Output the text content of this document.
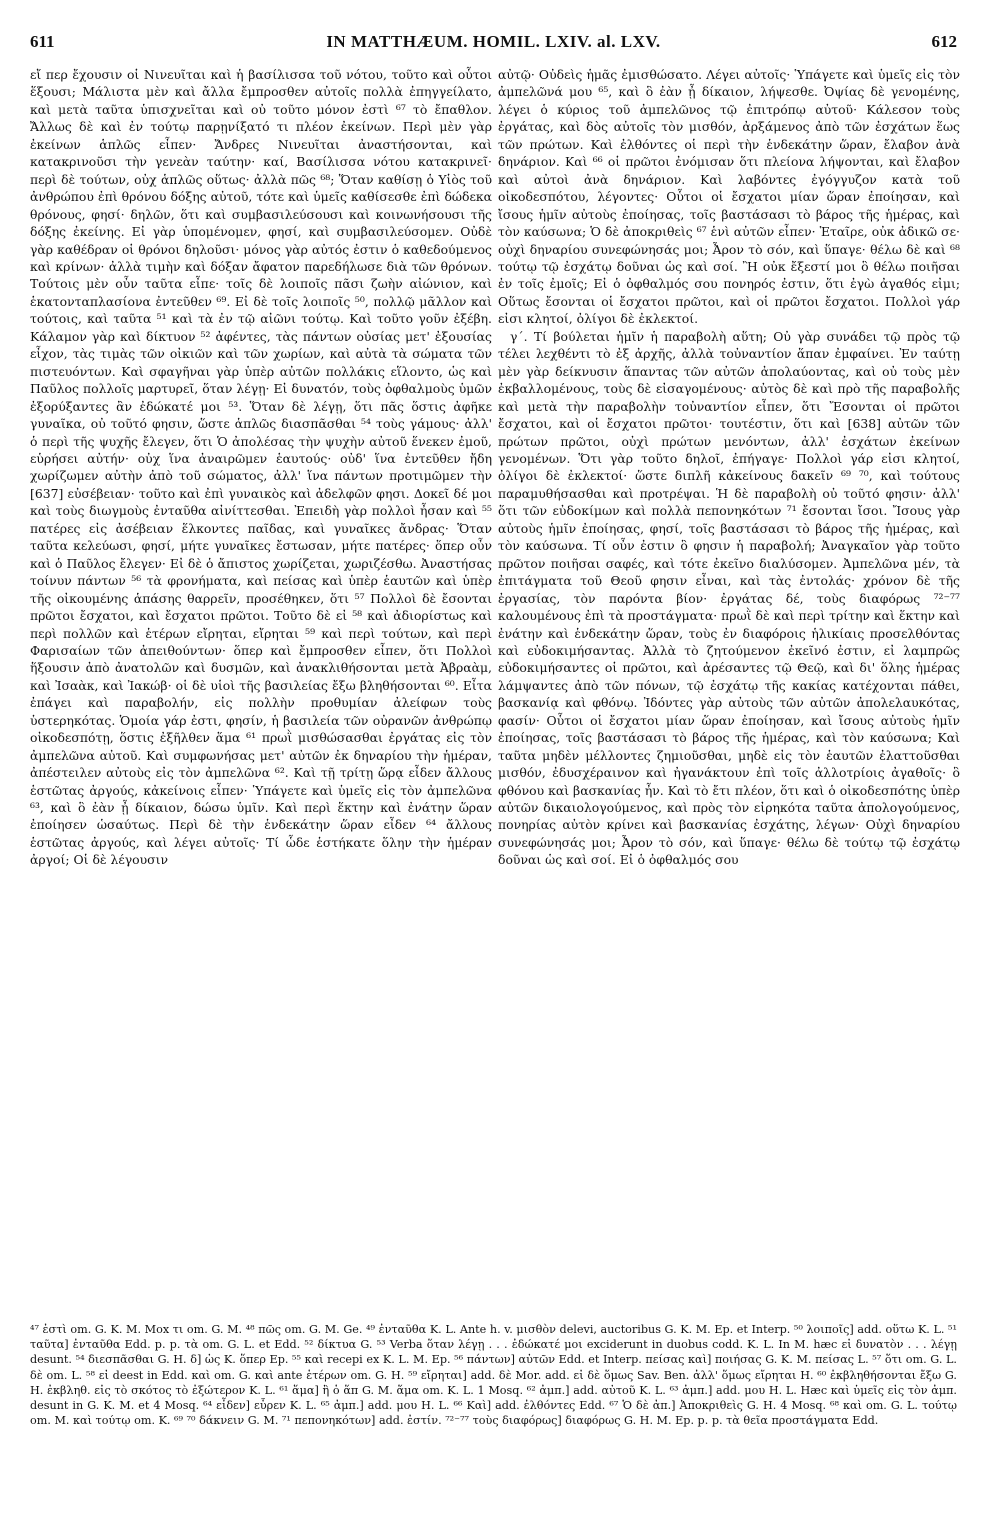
611	IN MATTHÆUM. HOMIL. LXIV. al. LXV.	612

εἴ περ ἔχουσιν οἱ Νινευῖται καὶ ἡ βασίλισσα τοῦ νότου, τοῦτο καὶ οὗτοι ἕξουσι; Μάλιστα μὲν καὶ ἄλλα ἔμπροσθεν αὐτοῖς πολλὰ ἐπηγγείλατο, καὶ μετὰ ταῦτα ὑπισχνεῖται καὶ οὐ τοῦτο μόνον ἐστὶ ⁶⁷ τὸ ἔπαθλον. Ἄλλως δὲ καὶ ἐν τούτῳ παρῃνίξατό τι πλέον ἐκείνων. Περὶ μὲν γὰρ ἐκείνων ἁπλῶς εἶπεν· Ἄνδρες Νινευῖται ἀναστήσονται, καὶ κατακρινοῦσι τὴν γενεὰν ταύτην· καί, Βασίλισσα νότου κατακρινεῖ· περὶ δὲ τούτων, οὐχ ἁπλῶς οὕτως· ἀλλὰ πῶς ⁶⁸; Ὅταν καθίσῃ ὁ Υἱὸς τοῦ ἀνθρώπου ἐπὶ θρόνου δόξης αὐτοῦ, τότε καὶ ὑμεῖς καθίσεσθε ἐπὶ δώδεκα θρόνους, φησί· δηλῶν, ὅτι καὶ συμβασιλεύσουσι καὶ κοινωνήσουσι τῆς δόξης ἐκείνης. Εἰ γὰρ ὑπομένομεν, φησί, καὶ συμβασιλεύσομεν. Οὐδὲ γὰρ καθέδραν οἱ θρόνοι δηλοῦσι· μόνος γὰρ αὐτός ἐστιν ὁ καθεδούμενος καὶ κρίνων· ἀλλὰ τιμὴν καὶ δόξαν ἄφατον παρεδήλωσε διὰ τῶν θρόνων. Τούτοις μὲν οὖν ταῦτα εἶπε· τοῖς δὲ λοιποῖς πᾶσι ζωὴν αἰώνιον, καὶ ἑκατονταπλασίονα ἐντεῦθεν ⁶⁹. Εἰ δὲ τοῖς λοιποῖς ⁵⁰, πολλῷ μᾶλλον καὶ τούτοις, καὶ ταῦτα ⁵¹ καὶ τὰ ἐν τῷ αἰῶνι τούτῳ. Καὶ τοῦτο γοῦν ἐξέβη. Κάλαμον γὰρ καὶ δίκτυον ⁵² ἀφέντες, τὰς πάντων οὐσίας μετ' ἐξουσίας εἶχον, τὰς τιμὰς τῶν οἰκιῶν καὶ τῶν χωρίων, καὶ αὐτὰ τὰ σώματα τῶν πιστευόντων. Καὶ σφαγῆναι γὰρ ὑπὲρ αὐτῶν πολλάκις εἵλοντο, ὡς καὶ Παῦλος πολλοῖς μαρτυρεῖ, ὅταν λέγῃ· Εἰ δυνατόν, τοὺς ὀφθαλμοὺς ὑμῶν ἐξορύξαντες ἂν ἐδώκατέ μοι ⁵³. Ὅταν δὲ λέγῃ, ὅτι πᾶς ὅστις ἀφῆκε γυναῖκα, οὐ τοῦτό φησιν, ὥστε ἁπλῶς διασπᾶσθαι ⁵⁴ τοὺς γάμους· ἀλλ' ὁ περὶ τῆς ψυχῆς ἔλεγεν, ὅτι Ὁ ἀπολέσας τὴν ψυχὴν αὐτοῦ ἕνεκεν ἐμοῦ, εὑρήσει αὐτήν· οὐχ ἵνα ἀναιρῶμεν ἑαυτούς· οὐδ' ἵνα ἐντεῦθεν ἤδη χωρίζωμεν αὐτὴν ἀπὸ τοῦ σώματος, ἀλλ' ἵνα πάντων προτιμῶμεν τὴν [637] εὐσέβειαν· τοῦτο καὶ ἐπὶ γυναικὸς καὶ ἀδελφῶν φησι. Δοκεῖ δέ μοι καὶ τοὺς διωγμοὺς ἐνταῦθα αἰνίττεσθαι. Ἐπειδὴ γὰρ πολλοὶ ἦσαν καὶ ⁵⁵ πατέρες εἰς ἀσέβειαν ἕλκοντες παῖδας, καὶ γυναῖκες ἄνδρας· Ὅταν ταῦτα κελεύωσι, φησί, μήτε γυναῖκες ἔστωσαν, μήτε πατέρες· ὅπερ οὖν καὶ ὁ Παῦλος ἔλεγεν· Εἰ δὲ ὁ ἄπιστος χωρίζεται, χωριζέσθω. Ἀναστήσας τοίνυν πάντων ⁵⁶ τὰ φρονήματα, καὶ πείσας καὶ ὑπὲρ ἑαυτῶν καὶ ὑπὲρ τῆς οἰκουμένης ἁπάσης θαρρεῖν, προσέθηκεν, ὅτι ⁵⁷ Πολλοὶ δὲ ἔσονται πρῶτοι ἔσχατοι, καὶ ἔσχατοι πρῶτοι. Τοῦτο δὲ εἰ ⁵⁸ καὶ ἀδιορίστως καὶ περὶ πολλῶν καὶ ἑτέρων εἴρηται, εἴρηται ⁵⁹ καὶ περὶ τούτων, καὶ περὶ Φαρισαίων τῶν ἀπειθούντων· ὅπερ καὶ ἔμπροσθεν εἶπεν, ὅτι Πολλοὶ ἥξουσιν ἀπὸ ἀνατολῶν καὶ δυσμῶν, καὶ ἀνακλιθήσονται μετὰ Ἀβραὰμ, καὶ Ἰσαὰκ, καὶ Ἰακώβ· οἱ δὲ υἱοὶ τῆς βασιλείας ἔξω βληθήσονται ⁶⁰. Εἶτα ἐπάγει καὶ παραβολήν, εἰς πολλὴν προθυμίαν ἀλείφων τοὺς ὑστερηκότας. Ὁμοία γάρ ἐστι, φησίν, ἡ βασιλεία τῶν οὐρανῶν ἀνθρώπῳ οἰκοδεσπότῃ, ὅστις ἐξῆλθεν ἅμα ⁶¹ πρωῒ μισθώσασθαι ἐργάτας εἰς τὸν ἀμπελῶνα αὐτοῦ. Καὶ συμφωνήσας μετ' αὐτῶν ἐκ δηναρίου τὴν ἡμέραν, ἀπέστειλεν αὐτοὺς εἰς τὸν ἀμπελῶνα ⁶². Καὶ τῇ τρίτῃ ὥρᾳ εἶδεν ἄλλους ἑστῶτας ἀργούς, κἀκείνοις εἶπεν· Ὑπάγετε καὶ ὑμεῖς εἰς τὸν ἀμπελῶνα ⁶³, καὶ ὃ ἐὰν ᾖ δίκαιον, δώσω ὑμῖν. Καὶ περὶ ἕκτην καὶ ἐνάτην ὥραν ἐποίησεν ὡσαύτως. Περὶ δὲ τὴν ἑνδεκάτην ὥραν εἶδεν ⁶⁴ ἄλλους ἑστῶτας ἀργούς, καὶ λέγει αὐτοῖς· Τί ὧδε ἑστήκατε ὅλην τὴν ἡμέραν ἀργοί; Οἱ δὲ λέγουσιν

αὐτῷ· Οὐδεὶς ἡμᾶς ἐμισθώσατο. Λέγει αὐτοῖς· Ὑπάγετε καὶ ὑμεῖς εἰς τὸν ἀμπελῶνά μου ⁶⁵, καὶ ὃ ἐὰν ᾖ δίκαιον, λήψεσθε. Ὀψίας δὲ γενομένης, λέγει ὁ κύριος τοῦ ἀμπελῶνος τῷ ἐπιτρόπῳ αὐτοῦ· Κάλεσον τοὺς ἐργάτας, καὶ δὸς αὐτοῖς τὸν μισθόν, ἀρξάμενος ἀπὸ τῶν ἐσχάτων ἕως τῶν πρώτων. Καὶ ἐλθόντες οἱ περὶ τὴν ἑνδεκάτην ὥραν, ἔλαβον ἀνὰ δηνάριον. Καὶ ⁶⁶ οἱ πρῶτοι ἐνόμισαν ὅτι πλείονα λήψονται, καὶ ἔλαβον καὶ αὐτοὶ ἀνὰ δηνάριον. Καὶ λαβόντες ἐγόγγυζον κατὰ τοῦ οἰκοδεσπότου, λέγοντες· Οὗτοι οἱ ἔσχατοι μίαν ὥραν ἐποίησαν, καὶ ἴσους ἡμῖν αὐτοὺς ἐποίησας, τοῖς βαστάσασι τὸ βάρος τῆς ἡμέρας, καὶ τὸν καύσωνα; Ὁ δὲ ἀποκριθεὶς ⁶⁷ ἑνὶ αὐτῶν εἶπεν· Ἑταῖρε, οὐκ ἀδικῶ σε· οὐχὶ δηναρίου συνεφώνησάς μοι; Ἆρον τὸ σόν, καὶ ὕπαγε· θέλω δὲ καὶ ⁶⁸ τούτῳ τῷ ἐσχάτῳ δοῦναι ὡς καὶ σοί. Ἢ οὐκ ἔξεστί μοι ὃ θέλω ποιῆσαι ἐν τοῖς ἐμοῖς; Εἰ ὁ ὀφθαλμός σου πονηρός ἐστιν, ὅτι ἐγὼ ἀγαθός εἰμι; Οὕτως ἔσονται οἱ ἔσχατοι πρῶτοι, καὶ οἱ πρῶτοι ἔσχατοι. Πολλοὶ γάρ εἰσι κλητοί, ὀλίγοι δὲ ἐκλεκτοί.

γ΄. Τί βούλεται ἡμῖν ἡ παραβολὴ αὕτη; Οὐ γὰρ συνάδει τῷ πρὸς τῷ τέλει λεχθέντι τὸ ἐξ ἀρχῆς, ἀλλὰ τοὐναντίον ἅπαν ἐμφαίνει. Ἐν ταύτῃ μὲν γὰρ δείκνυσιν ἅπαντας τῶν αὐτῶν ἀπολαύοντας, καὶ οὐ τοὺς μὲν ἐκβαλλομένους, τοὺς δὲ εἰσαγομένους· αὐτὸς δὲ καὶ πρὸ τῆς παραβολῆς καὶ μετὰ τὴν παραβολὴν τοὐναντίον εἶπεν, ὅτι Ἔσονται οἱ πρῶτοι ἔσχατοι, καὶ οἱ ἔσχατοι πρῶτοι· τουτέστιν, ὅτι καὶ [638] αὐτῶν τῶν πρώτων πρῶτοι, οὐχὶ πρώτων μενόντων, ἀλλ' ἐσχάτων ἐκείνων γενομένων. Ὅτι γὰρ τοῦτο δηλοῖ, ἐπήγαγε· Πολλοὶ γάρ εἰσι κλητοί, ὀλίγοι δὲ ἐκλεκτοί· ὥστε διπλῆ κἀκείνους δακεῖν ⁶⁹ ⁷⁰, καὶ τούτους παραμυθήσασθαι καὶ προτρέψαι. Ἡ δὲ παραβολὴ οὐ τοῦτό φησιν· ἀλλ' ὅτι τῶν εὐδοκίμων καὶ πολλὰ πεπονηκότων ⁷¹ ἔσονται ἴσοι. Ἴσους γὰρ αὐτοὺς ἡμῖν ἐποίησας, φησί, τοῖς βαστάσασι τὸ βάρος τῆς ἡμέρας, καὶ τὸν καύσωνα. Τί οὖν ἐστιν ὃ φησιν ἡ παραβολή; Ἀναγκαῖον γὰρ τοῦτο πρῶτον ποιῆσαι σαφές, καὶ τότε ἐκεῖνο διαλύσομεν. Ἀμπελῶνα μέν, τὰ ἐπιτάγματα τοῦ Θεοῦ φησιν εἶναι, καὶ τὰς ἐντολάς· χρόνον δὲ τῆς ἐργασίας, τὸν παρόντα βίον· ἐργάτας δέ, τοὺς διαφόρως ⁷²⁻⁷⁷ καλουμένους ἐπὶ τὰ προστάγματα· πρωῒ δὲ καὶ περὶ τρίτην καὶ ἕκτην καὶ ἐνάτην καὶ ἑνδεκάτην ὥραν, τοὺς ἐν διαφόροις ἡλικίαις προσελθόντας καὶ εὐδοκιμήσαντας. Ἀλλὰ τὸ ζητούμενον ἐκεῖνό ἐστιν, εἰ λαμπρῶς εὐδοκιμήσαντες οἱ πρῶτοι, καὶ ἀρέσαντες τῷ Θεῷ, καὶ δι' ὅλης ἡμέρας λάμψαντες ἀπὸ τῶν πόνων, τῷ ἐσχάτῳ τῆς κακίας κατέχονται πάθει, βασκανίᾳ καὶ φθόνῳ. Ἰδόντες γὰρ αὐτοὺς τῶν αὐτῶν ἀπολελαυκότας, φασίν· Οὗτοι οἱ ἔσχατοι μίαν ὥραν ἐποίησαν, καὶ ἴσους αὐτοὺς ἡμῖν ἐποίησας, τοῖς βαστάσασι τὸ βάρος τῆς ἡμέρας, καὶ τὸν καύσωνα; Καὶ ταῦτα μηδὲν μέλλοντες ζημιοῦσθαι, μηδὲ εἰς τὸν ἑαυτῶν ἐλαττοῦσθαι μισθόν, ἐδυσχέραινον καὶ ἠγανάκτουν ἐπὶ τοῖς ἀλλοτρίοις ἀγαθοῖς· ὃ φθόνου καὶ βασκανίας ἦν. Καὶ τὸ ἔτι πλέον, ὅτι καὶ ὁ οἰκοδεσπότης ὑπὲρ αὐτῶν δικαιολογούμενος, καὶ πρὸς τὸν εἰρηκότα ταῦτα ἀπολογούμενος, πονηρίας αὐτὸν κρίνει καὶ βασκανίας ἐσχάτης, λέγων· Οὐχὶ δηναρίου συνεφώνησάς μοι; Ἆρον τὸ σόν, καὶ ὕπαγε· θέλω δὲ τούτῳ τῷ ἐσχάτῳ δοῦναι ὡς καὶ σοί. Εἰ ὁ ὀφθαλμός σου

⁴⁷ ἐστὶ om. G. K. M. Mox τι om. G. M. ⁴⁸ πῶς om. G. M. Ge. ⁴⁹ ἐνταῦθα K. L. Ante h. v. μισθὸν delevi, auctoribus G. K. M. Ep. et Interp. ⁵⁰ λοιποῖς] add. οὕτω K. L. ⁵¹ ταῦτα] ἐνταῦθα Edd. p. p. τὰ om. G. L. et Edd. ⁵² δίκτυα G. ⁵³ Verba ὅταν λέγῃ . . . ἐδώκατέ μοι exciderunt in duobus codd. K. L. In M. hæc εἰ δυνατὸν . . . λέγῃ desunt. ⁵⁴ διεσπᾶσθαι G. H. δ] ὡς K. ὅπερ Ep. ⁵⁵ καὶ recepi ex K. L. M. Ep. ⁵⁶ πάντων] αὐτῶν Edd. et Interp. πείσας καὶ] ποιήσας G. K. M. πείσας L. ⁵⁷ ὅτι om. G. L. δὲ om. L. ⁵⁸ εἰ deest in Edd. καὶ om. G. καὶ ante ἑτέρων om. G. H. ⁵⁹ εἴρηται] add. δὲ Mor. add. εἰ δὲ ὅμως Sav. Ben. ἀλλ' ὅμως εἴρηται H. ⁶⁰ ἐκβληθήσονται ἔξω G. H. ἐκβληθ. εἰς τὸ σκότος τὸ ἐξώτερον K. L. ⁶¹ ἅμα] ἢ ὁ ἅπ G. M. ἅμα om. K. L. 1 Mosq. ⁶² ἀμπ.] add. αὐτοῦ K. L. ⁶³ ἀμπ.] add. μου H. L. Hæc καὶ ὑμεῖς εἰς τὸν ἀμπ. desunt in G. K. M. et 4 Mosq. ⁶⁴ εἶδεν] εὗρεν K. L. ⁶⁵ ἀμπ.] add. μου H. L. ⁶⁶ Καὶ] add. ἐλθόντες Edd. ⁶⁷ Ὁ δὲ ἀπ.] Ἀποκριθεὶς G. H. 4 Mosq. ⁶⁸ καὶ om. G. L. τούτῳ om. M. καὶ τούτῳ om. K. ⁶⁹ ⁷⁰ δάκνειν G. M. ⁷¹ πεπονηκότων] add. ἐστίν. ⁷²⁻⁷⁷ τοὺς διαφόρως] διαφόρως G. H. M. Ep. p. p. τὰ θεῖα προστάγματα Edd.
